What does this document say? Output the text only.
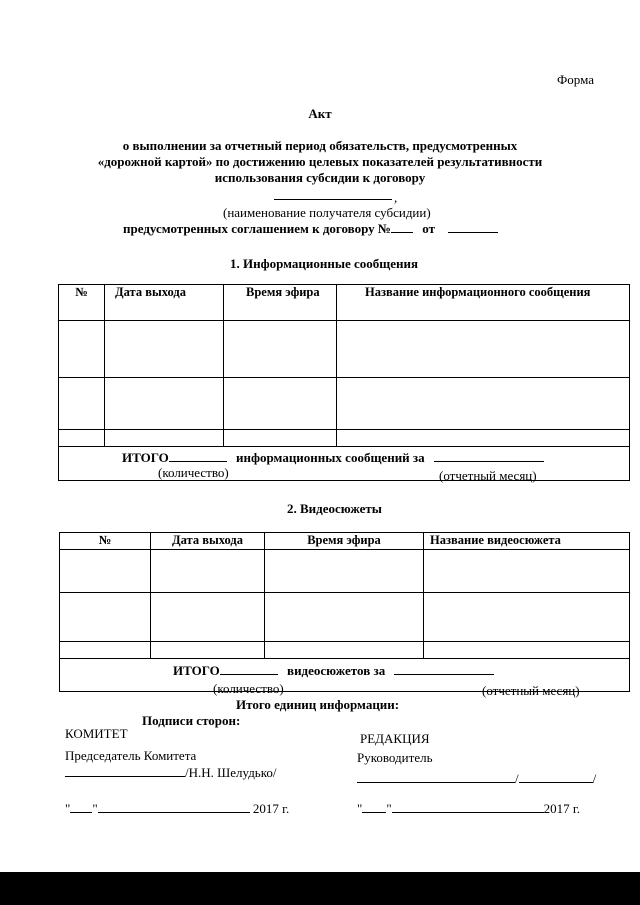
Форма
Акт
о выполнении за отчетный период обязательств, предусмотренных
«дорожной картой» по достижению целевых показателей результативности
использования субсидии к договору
,
(наименование получателя субсидии)
предусмотренных соглашением к договору № от
1. Информационные сообщения
№	Дата выхода	Время эфира	Название информационного сообщения

ИТОГО	информационных сообщений за
(количество)	(отчетный месяц)
2. Видеосюжеты
№	Дата выхода	Время эфира	Название видеосюжета

ИТОГО	видеосюжетов за
(количество)	(отчетный месяц)
Итого единиц информации:
Подписи сторон:
КОМИТЕТ
Председатель Комитета
/Н.Н. Шелудько/
" "	2017 г.
РЕДАКЦИЯ
Руководитель
/	/
" "	2017 г.
